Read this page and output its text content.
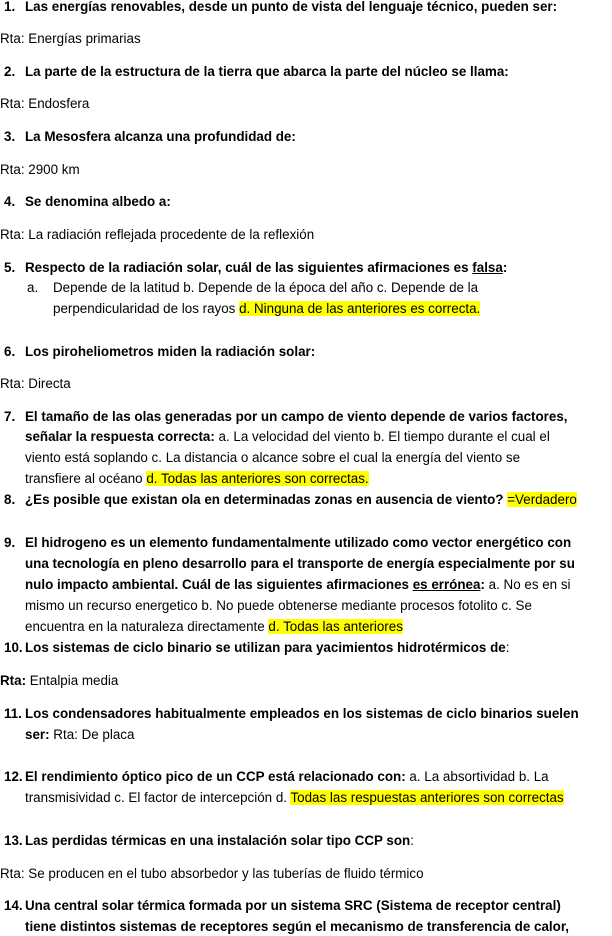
1. Las energías renovables, desde un punto de vista del lenguaje técnico, pueden ser:
Rta: Energías primarias
2. La parte de la estructura de la tierra que abarca la parte del núcleo se llama:
Rta: Endosfera
3. La Mesosfera alcanza una profundidad de:
Rta: 2900 km
4. Se denomina albedo a:
Rta: La radiación reflejada procedente de la reflexión
5. Respecto de la radiación solar, cuál de las siguientes afirmaciones es falsa:
a. Depende de la latitud b. Depende de la época del año c. Depende de la
perpendicularidad de los rayos d. Ninguna de las anteriores es correcta.
6. Los piroheliometros miden la radiación solar:
Rta: Directa
7. El tamaño de las olas generadas por un campo de viento depende de varios factores,
señalar la respuesta correcta: a. La velocidad del viento b. El tiempo durante el cual el
viento está soplando c. La distancia o alcance sobre el cual la energía del viento se
transfiere al océano d. Todas las anteriores son correctas.
8. ¿Es posible que existan ola en determinadas zonas en ausencia de viento? =Verdadero
9. El hidrogeno es un elemento fundamentalmente utilizado como vector energético con
una tecnología en pleno desarrollo para el transporte de energía especialmente por su
nulo impacto ambiental. Cuál de las siguientes afirmaciones es errónea: a. No es en si
mismo un recurso energetico b. No puede obtenerse mediante procesos fotolito c. Se
encuentra en la naturaleza directamente d. Todas las anteriores
10. Los sistemas de ciclo binario se utilizan para yacimientos hidrotérmicos de:
Rta: Entalpia media
11. Los condensadores habitualmente empleados en los sistemas de ciclo binarios suelen
ser: Rta: De placa
12. El rendimiento óptico pico de un CCP está relacionado con: a. La absortividad b. La
transmisividad c. El factor de intercepción d. Todas las respuestas anteriores son correctas
13. Las perdidas térmicas en una instalación solar tipo CCP son:
Rta: Se producen en el tubo absorbedor y las tuberías de fluido térmico
14. Una central solar térmica formada por un sistema SRC (Sistema de receptor central)
tiene distintos sistemas de receptores según el mecanismo de transferencia de calor,
